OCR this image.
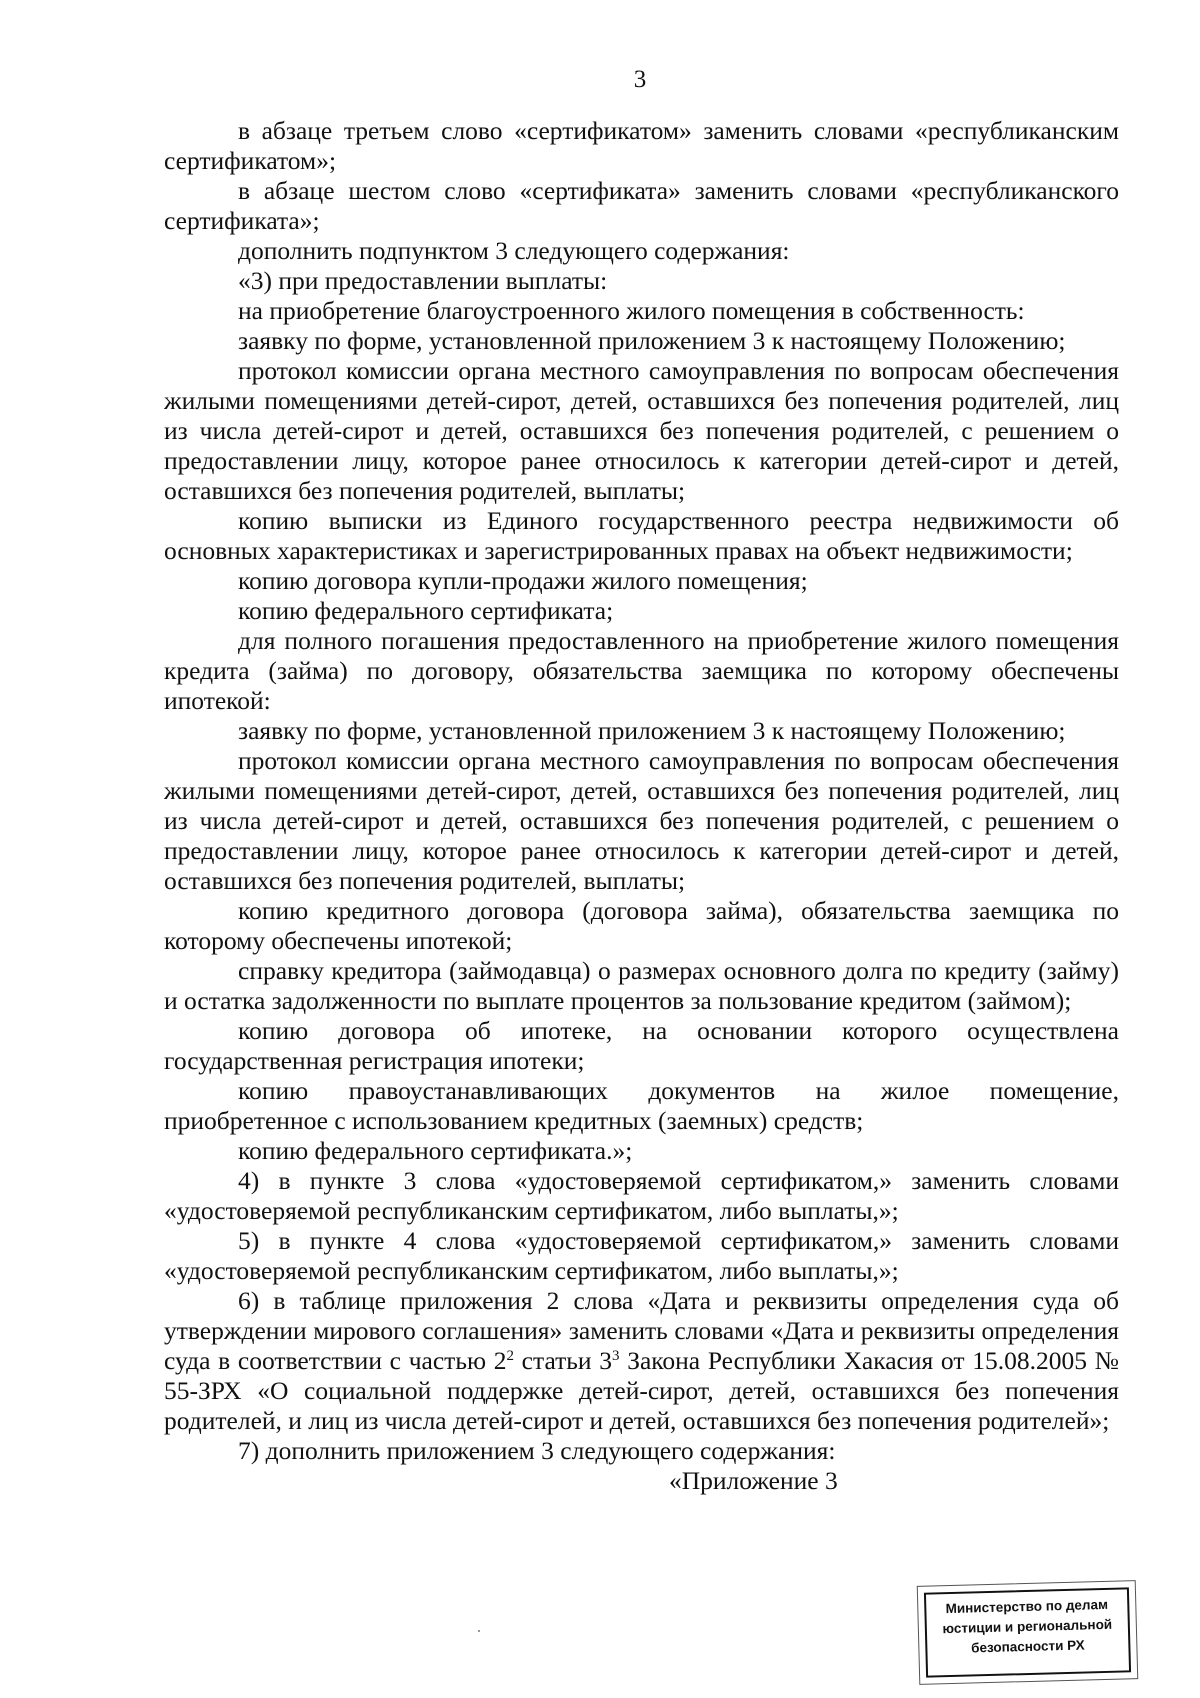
3

в абзаце третьем слово «сертификатом» заменить словами «республиканским сертификатом»;

в абзаце шестом слово «сертификата» заменить словами «республиканского сертификата»;

дополнить подпунктом 3 следующего содержания:

«3) при предоставлении выплаты:

на приобретение благоустроенного жилого помещения в собственность:

заявку по форме, установленной приложением 3 к настоящему Положению;

протокол комиссии органа местного самоуправления по вопросам обеспечения жилыми помещениями детей-сирот, детей, оставшихся без попечения родителей, лиц из числа детей-сирот и детей, оставшихся без попечения родителей, с решением о предоставлении лицу, которое ранее относилось к категории детей-сирот и детей, оставшихся без попечения родителей, выплаты;

копию выписки из Единого государственного реестра недвижимости об основных характеристиках и зарегистрированных правах на объект недвижимости;

копию договора купли-продажи жилого помещения;

копию федерального сертификата;

для полного погашения предоставленного на приобретение жилого помещения кредита (займа) по договору, обязательства заемщика по которому обеспечены ипотекой:

заявку по форме, установленной приложением 3 к настоящему Положению;

протокол комиссии органа местного самоуправления по вопросам обеспечения жилыми помещениями детей-сирот, детей, оставшихся без попечения родителей, лиц из числа детей-сирот и детей, оставшихся без попечения родителей, с решением о предоставлении лицу, которое ранее относилось к категории детей-сирот и детей, оставшихся без попечения родителей, выплаты;

копию кредитного договора (договора займа), обязательства заемщика по которому обеспечены ипотекой;

справку кредитора (займодавца) о размерах основного долга по кредиту (займу) и остатка задолженности по выплате процентов за пользование кредитом (займом);

копию договора об ипотеке, на основании которого осуществлена государственная регистрация ипотеки;

копию правоустанавливающих документов на жилое помещение, приобретенное с использованием кредитных (заемных) средств;

копию федерального сертификата.»;

4) в пункте 3 слова «удостоверяемой сертификатом,» заменить словами «удостоверяемой республиканским сертификатом, либо выплаты,»;

5) в пункте 4 слова «удостоверяемой сертификатом,» заменить словами «удостоверяемой республиканским сертификатом, либо выплаты,»;

6) в таблице приложения 2 слова «Дата и реквизиты определения суда об утверждении мирового соглашения» заменить словами «Дата и реквизиты определения суда в соответствии с частью $2^2$ статьи $3^3$ Закона Республики Хакасия от 15.08.2005 № 55-ЗРХ «О социальной поддержке детей-сирот, детей, оставшихся без попечения родителей, и лиц из числа детей-сирот и детей, оставшихся без попечения родителей»;

7) дополнить приложением 3 следующего содержания:

«Приложение 3

Министерство по делам
юстиции и региональной
безопасности РХ
